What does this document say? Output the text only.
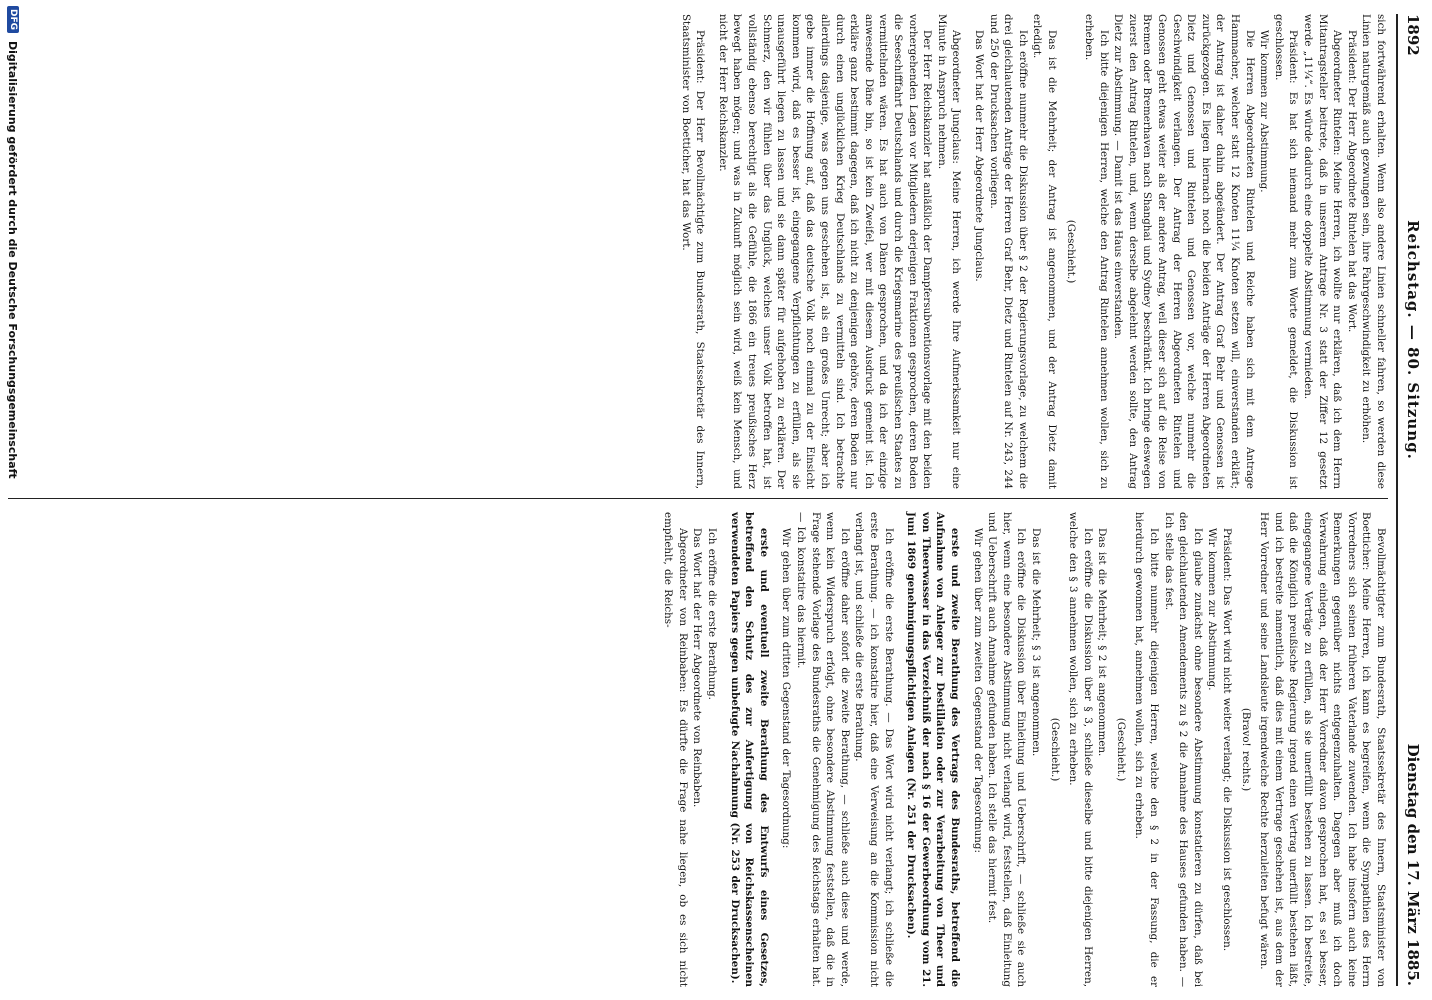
1892
Reichstag. — 80. Sitzung.
Dienstag den 17. März 1885.

sich fortwährend erhalten. Wenn also andere Linien schneller fahren, so werden diese Linien naturgemäß auch gezwungen sein, ihre Fahrgeschwindigkeit zu erhöhen.

Präsident: Der Herr Abgeordnete Rintelen hat das Wort.

Abgeordneter Rintelen: Meine Herren, ich wollte nur erklären, daß ich dem Herrn Mitantragsteller beitrete, daß in unserem Antrage Nr. 3 statt der Ziffer 12 gesetzt werde „11¼“. Es würde dadurch eine doppelte Abstimmung vermieden.

Präsident: Es hat sich niemand mehr zum Worte gemeldet, die Diskussion ist geschlossen.

Wir kommen zur Abstimmung.

Die Herren Abgeordneten Rintelen und Reiche haben sich mit dem Antrage Hammacher, welcher statt 12 Knoten 11¼ Knoten setzen will, einverstanden erklärt; der Antrag ist daher dahin abgeändert. Der Antrag Graf Behr und Genossen ist zurückgezogen. Es liegen hiernach noch die beiden Anträge der Herren Abgeordneten Dietz und Genossen und Rintelen und Genossen vor, welche nunmehr die Geschwindigkeit verlangen. Der Antrag der Herren Abgeordneten Rintelen und Genossen geht etwas weiter als der andere Antrag, weil dieser sich auf die Reise von Bremen oder Bremerhaven nach Shanghai und Sydney beschränkt. Ich bringe deswegen zuerst den Antrag Rintelen, und, wenn derselbe abgelehnt werden sollte, den Antrag Dietz zur Abstimmung. — Damit ist das Haus einverstanden.

Ich bitte diejenigen Herren, welche den Antrag Rintelen annehmen wollen, sich zu erheben.

(Geschieht.)

Das ist die Mehrheit; der Antrag ist angenommen, und der Antrag Dietz damit erledigt.

Ich eröffne nunmehr die Diskussion über § 2 der Regierungsvorlage, zu welchem die drei gleichlautenden Anträge der Herren Graf Behr, Dietz und Rintelen auf Nr. 243, 244 und 250 der Drucksachen vorliegen.

Das Wort hat der Herr Abgeordnete Jungclaus.

Abgeordneter Jungclaus: Meine Herren, ich werde Ihre Aufmerksamkeit nur eine Minute in Anspruch nehmen.

Der Herr Reichskanzler hat anläßlich der Dampfersubventionsvorlage mit den beiden vorhergehenden Lagen vor Mitgliedern derjenigen Fraktionen gesprochen, deren Boden die Seeschifffahrt Deutschlands und durch die Kriegsmarine des preußischen Staates zu vermittelnden wären. Es hat auch von Dänen gesprochen, und da ich der einzige anwesende Däne bin, so ist kein Zweifel, wer mit diesem Ausdruck gemeint ist. Ich erkläre ganz bestimmt dagegen, daß ich nicht zu denjenigen gehöre, deren Boden nur durch einen unglücklichen Krieg Deutschlands zu vermitteln sind. Ich betrachte allerdings dasjenige, was gegen uns geschehen ist, als ein großes Unrecht; aber ich gebe immer die Hoffnung auf, daß das deutsche Volk noch einmal zu der Einsicht kommen wird, daß es besser ist, eingegangene Verpflichtungen zu erfüllen, als sie unausgeführt liegen zu lassen und sie dann später für aufgehoben zu erklären. Der Schmerz, den wir fühlen über das Unglück, welches unser Volk betroffen hat, ist vollständig ebenso berechtigt als die Gefühle, die 1866 ein treues preußisches Herz bewegt haben mögen; und was in Zukunft möglich sein wird, weiß kein Mensch, und nicht der Herr Reichskanzler.

Präsident: Der Herr Bevollmächtigte zum Bundesrath, Staatssekretär des Innern, Staatsminister von Boetticher, hat das Wort.

Bevollmächtigter zum Bundesrath, Staatssekretär des Innern, Staatsminister von Boetticher: Meine Herren, ich kann es begreifen, wenn die Sympathien des Herrn Vorredners sich seinen früheren Vaterlande zuwenden. Ich habe insofern auch keine Bemerkungen gegenüber nichts entgegenzuhalten. Dagegen aber muß ich doch Verwahrung einlegen, daß der Herr Vorredner davon gesprochen hat, es sei besser, eingegangene Verträge zu erfüllen, als sie unerfüllt bestehen zu lassen. Ich bestreite, daß die Königlich preußische Regierung irgend einen Vertrag unerfüllt bestehen läßt, und ich bestreite namentlich, daß dies mit einem Vertrage geschehen ist, aus dem der Herr Vorredner und seine Landsleute irgendwelche Rechte herzuleiten befugt wären.

(Bravo! rechts.)

Präsident: Das Wort wird nicht weiter verlangt; die Diskussion ist geschlossen.

Wir kommen zur Abstimmung.

Ich glaube zunächst ohne besondere Abstimmung konstatieren zu dürfen, daß bei den gleichlautenden Amendements zu § 2 die Annahme des Hauses gefunden haben. — Ich stelle das fest.

Ich bitte nunmehr diejenigen Herren, welche den § 2 in der Fassung, die er hierdurch gewonnen hat, annehmen wollen, sich zu erheben.

(Geschieht.)

Das ist die Mehrheit; § 2 ist angenommen.

Ich eröffne die Diskussion über § 3, schließe dieselbe und bitte diejenigen Herren, welche den § 3 annehmen wollen, sich zu erheben.

(Geschieht.)

Das ist die Mehrheit; § 3 ist angenommen.

Ich eröffne die Diskussion über Einleitung und Ueberschrift, — schließe sie auch hier, wenn eine besondere Abstimmung nicht verlangt wird, feststellen, daß Einleitung und Ueberschrift auch Annahme gefunden haben. Ich stelle das hiermit fest.

Wir gehen über zum zweiten Gegenstand der Tagesordnung:

erste und zweite Berathung des Vertrags des Bundesraths, betreffend die Aufnahme von Anleger zur Destillation oder zur Verarbeitung von Theer und von Theerwasser in das Verzeichniß der nach § 16 der Gewerbeordnung vom 21. Juni 1869 genehmigungspflichtigen Anlagen (Nr. 251 der Drucksachen).

Ich eröffne die erste Berathung. — Das Wort wird nicht verlangt; ich schließe die erste Berathung. — ich konstatire hier, daß eine Verweisung an die Kommission nicht verlangt ist, und schließe die erste Berathung.

Ich eröffne daher sofort die zweite Berathung, — schließe auch diese und werde, wenn kein Widerspruch erfolgt, ohne besondere Abstimmung feststellen, daß die in Frage stehende Vorlage des Bundesraths die Genehmigung des Reichstags erhalten hat. — Ich konstatire das hiermit.

Wir gehen über zum dritten Gegenstand der Tagesordnung:

erste und eventuell zweite Berathung des Entwurfs eines Gesetzes, betreffend den Schutz des zur Anfertigung von Reichskassenscheinen verwendeten Papiers gegen unbefugte Nachahmung (Nr. 253 der Drucksachen).

Ich eröffne die erste Berathung.

Das Wort hat der Herr Abgeordnete von Reinbaben.

Abgeordneter von Reinbaben: Es dürfte die Frage nahe liegen, ob es sich nicht empfiehlt, die Reichs-

DFG
Digitalisierung gefördert durch die Deutsche Forschungsgemeinschaft
